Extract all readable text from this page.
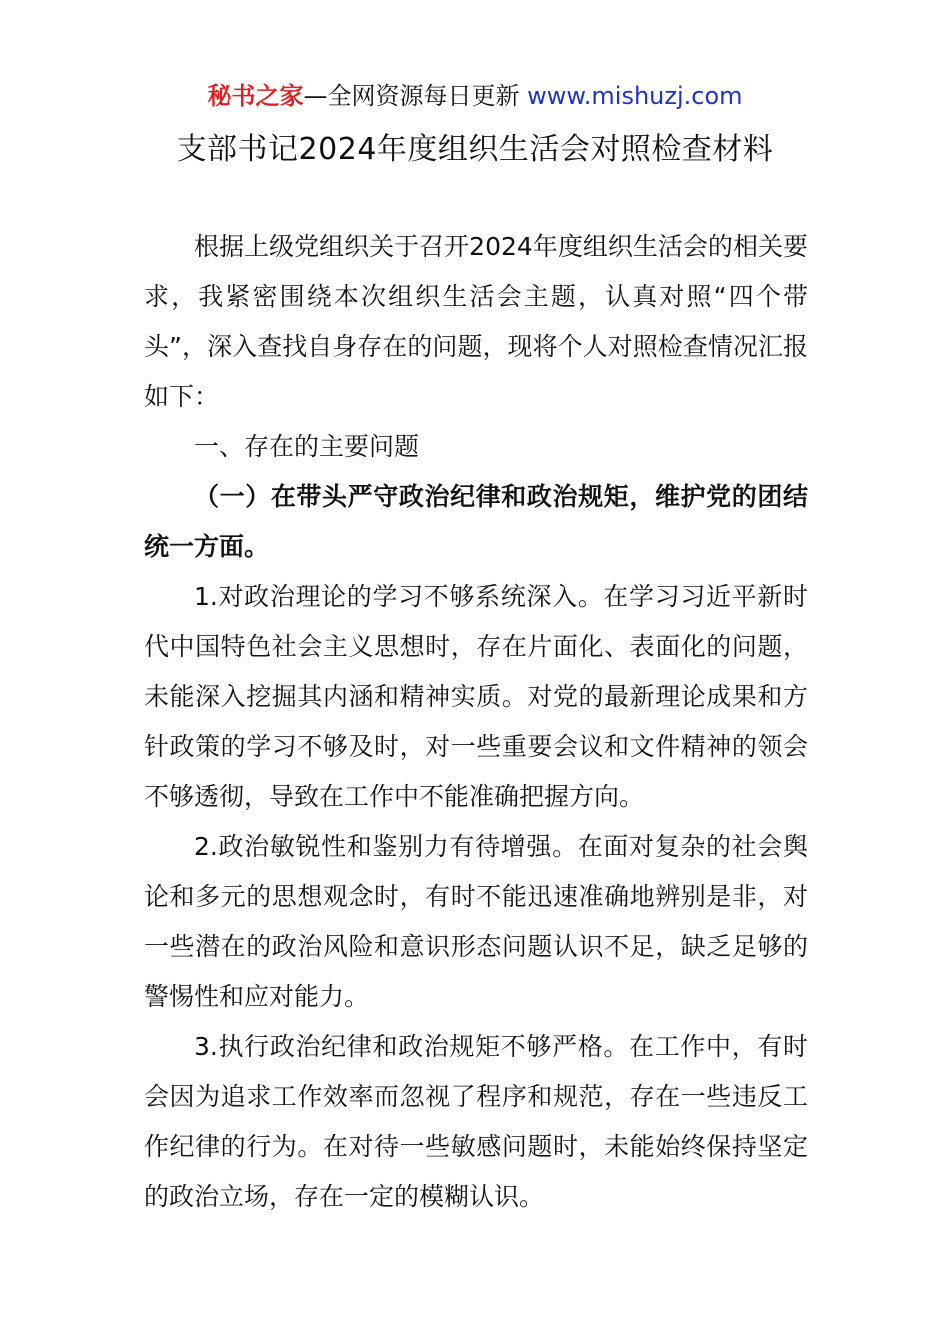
秘书之家—全网资源每日更新 www.mishuzj.com
支部书记2024年度组织生活会对照检查材料

根据上级党组织关于召开2024年度组织生活会的相关要求，我紧密围绕本次组织生活会主题，认真对照“四个带头”，深入查找自身存在的问题，现将个人对照检查情况汇报如下：

一、存在的主要问题

（一）在带头严守政治纪律和政治规矩，维护党的团结统一方面。

1.对政治理论的学习不够系统深入。在学习习近平新时代中国特色社会主义思想时，存在片面化、表面化的问题，未能深入挖掘其内涵和精神实质。对党的最新理论成果和方针政策的学习不够及时，对一些重要会议和文件精神的领会不够透彻，导致在工作中不能准确把握方向。

2.政治敏锐性和鉴别力有待增强。在面对复杂的社会舆论和多元的思想观念时，有时不能迅速准确地辨别是非，对一些潜在的政治风险和意识形态问题认识不足，缺乏足够的警惕性和应对能力。

3.执行政治纪律和政治规矩不够严格。在工作中，有时会因为追求工作效率而忽视了程序和规范，存在一些违反工作纪律的行为。在对待一些敏感问题时，未能始终保持坚定的政治立场，存在一定的模糊认识。
